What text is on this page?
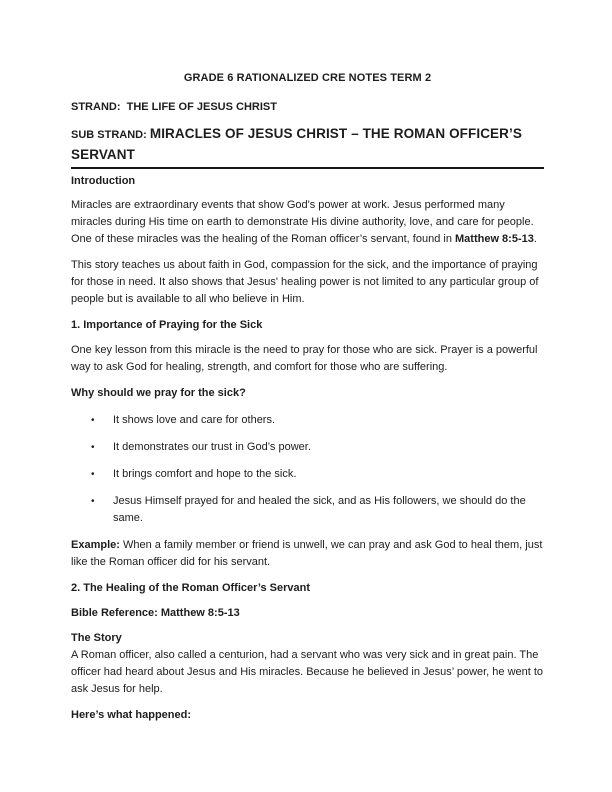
GRADE 6 RATIONALIZED CRE NOTES TERM 2
STRAND:  THE LIFE OF JESUS CHRIST
SUB STRAND: MIRACLES OF JESUS CHRIST – THE ROMAN OFFICER’S SERVANT
Introduction

Miracles are extraordinary events that show God's power at work. Jesus performed many miracles during His time on earth to demonstrate His divine authority, love, and care for people. One of these miracles was the healing of the Roman officer’s servant, found in Matthew 8:5-13.

This story teaches us about faith in God, compassion for the sick, and the importance of praying for those in need. It also shows that Jesus' healing power is not limited to any particular group of people but is available to all who believe in Him.

1. Importance of Praying for the Sick

One key lesson from this miracle is the need to pray for those who are sick. Prayer is a powerful way to ask God for healing, strength, and comfort for those who are suffering.

Why should we pray for the sick?
•	It shows love and care for others.
•	It demonstrates our trust in God’s power.
•	It brings comfort and hope to the sick.
•	Jesus Himself prayed for and healed the sick, and as His followers, we should do the same.

Example: When a family member or friend is unwell, we can pray and ask God to heal them, just like the Roman officer did for his servant.

2. The Healing of the Roman Officer’s Servant
Bible Reference: Matthew 8:5-13
The Story

A Roman officer, also called a centurion, had a servant who was very sick and in great pain. The officer had heard about Jesus and His miracles. Because he believed in Jesus’ power, he went to ask Jesus for help.

Here’s what happened:
